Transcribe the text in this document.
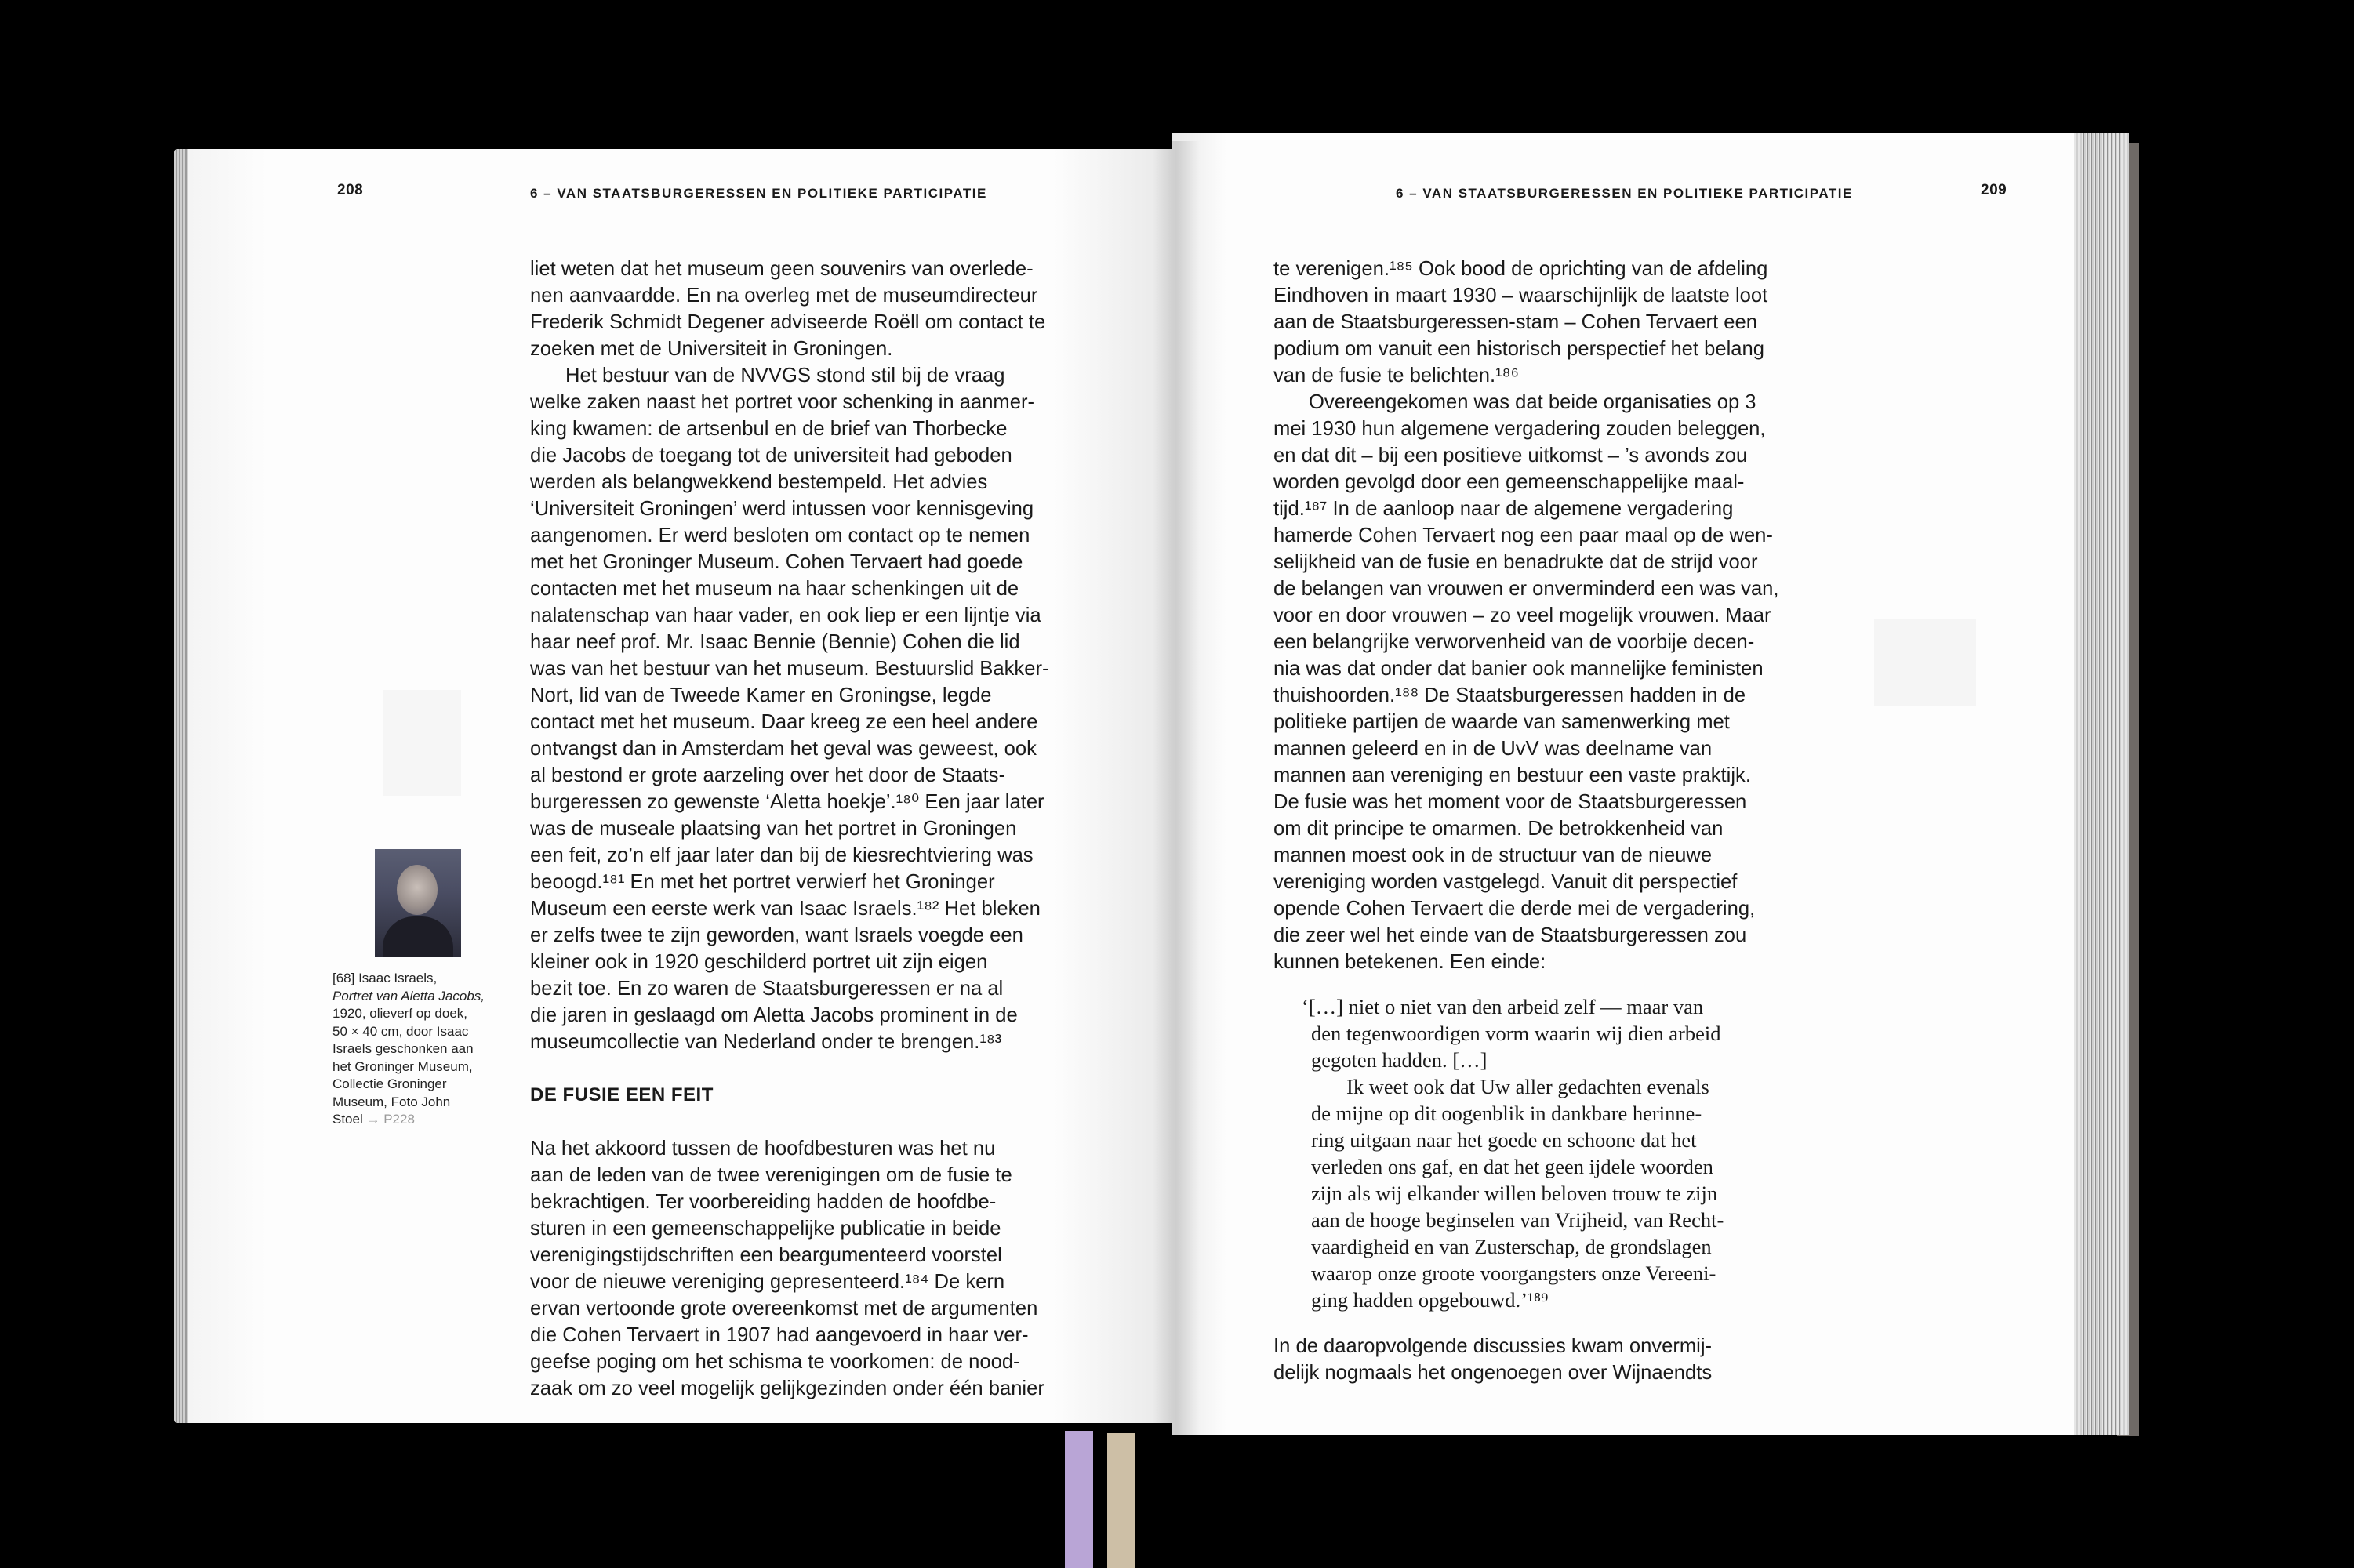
208	6 – VAN STAATSBURGERESSEN EN POLITIEKE PARTICIPATIE
[68] Isaac Israels,
Portret van Aletta Jacobs,
1920, olieverf op doek,
50 × 40 cm, door Isaac
Israels geschonken aan
het Groninger Museum,
Collectie Groninger
Museum, Foto John
Stoel → P228

liet weten dat het museum geen souvenirs van overlede-

nen aanvaardde. En na overleg met de museumdirecteur

Frederik Schmidt Degener adviseerde Roëll om contact te

zoeken met de Universiteit in Groningen.

Het bestuur van de NVVGS stond stil bij de vraag

welke zaken naast het portret voor schenking in aanmer-

king kwamen: de artsenbul en de brief van Thorbecke

die Jacobs de toegang tot de universiteit had geboden

werden als belangwekkend bestempeld. Het advies

‘Universiteit Groningen’ werd intussen voor kennisgeving

aangenomen. Er werd besloten om contact op te nemen

met het Groninger Museum. Cohen Tervaert had goede

contacten met het museum na haar schenkingen uit de

nalatenschap van haar vader, en ook liep er een lijntje via

haar neef prof. Mr. Isaac Bennie (Bennie) Cohen die lid

was van het bestuur van het museum. Bestuurslid Bakker-

Nort, lid van de Tweede Kamer en Groningse, legde

contact met het museum. Daar kreeg ze een heel andere

ontvangst dan in Amsterdam het geval was geweest, ook

al bestond er grote aarzeling over het door de Staats-

burgeressen zo gewenste ‘Aletta hoekje’.¹⁸⁰ Een jaar later

was de museale plaatsing van het portret in Groningen

een feit, zo’n elf jaar later dan bij de kiesrechtviering was

beoogd.¹⁸¹ En met het portret verwierf het Groninger

Museum een eerste werk van Isaac Israels.¹⁸² Het bleken

er zelfs twee te zijn geworden, want Israels voegde een

kleiner ook in 1920 geschilderd portret uit zijn eigen

bezit toe. En zo waren de Staatsburgeressen er na al

die jaren in geslaagd om Aletta Jacobs prominent in de

museumcollectie van Nederland onder te brengen.¹⁸³

DE FUSIE EEN FEIT

Na het akkoord tussen de hoofdbesturen was het nu

aan de leden van de twee verenigingen om de fusie te

bekrachtigen. Ter voorbereiding hadden de hoofdbe-

sturen in een gemeenschappelijke publicatie in beide

verenigingstijdschriften een beargumenteerd voorstel

voor de nieuwe vereniging gepresenteerd.¹⁸⁴ De kern

ervan vertoonde grote overeenkomst met de argumenten

die Cohen Tervaert in 1907 had aangevoerd in haar ver-

geefse poging om het schisma te voorkomen: de nood-

zaak om zo veel mogelijk gelijkgezinden onder één banier

6 – VAN STAATSBURGERESSEN EN POLITIEKE PARTICIPATIE	209

te verenigen.¹⁸⁵ Ook bood de oprichting van de afdeling

Eindhoven in maart 1930 – waarschijnlijk de laatste loot

aan de Staatsburgeressen-stam – Cohen Tervaert een

podium om vanuit een historisch perspectief het belang

van de fusie te belichten.¹⁸⁶

Overeengekomen was dat beide organisaties op 3

mei 1930 hun algemene vergadering zouden beleggen,

en dat dit – bij een positieve uitkomst – ’s avonds zou

worden gevolgd door een gemeenschappelijke maal-

tijd.¹⁸⁷ In de aanloop naar de algemene vergadering

hamerde Cohen Tervaert nog een paar maal op de wen-

selijkheid van de fusie en benadrukte dat de strijd voor

de belangen van vrouwen er onverminderd een was van,

voor en door vrouwen – zo veel mogelijk vrouwen. Maar

een belangrijke verworvenheid van de voorbije decen-

nia was dat onder dat banier ook mannelijke feministen

thuishoorden.¹⁸⁸ De Staatsburgeressen hadden in de

politieke partijen de waarde van samenwerking met

mannen geleerd en in de UvV was deelname van

mannen aan vereniging en bestuur een vaste praktijk.

De fusie was het moment voor de Staatsburgeressen

om dit principe te omarmen. De betrokkenheid van

mannen moest ook in de structuur van de nieuwe

vereniging worden vastgelegd. Vanuit dit perspectief

opende Cohen Tervaert die derde mei de vergadering,

die zeer wel het einde van de Staatsburgeressen zou

kunnen betekenen. Een einde:

‘[…] niet o niet van den arbeid zelf — maar van

den tegenwoordigen vorm waarin wij dien arbeid

gegoten hadden. […]

Ik weet ook dat Uw aller gedachten evenals

de mijne op dit oogenblik in dankbare herinne-

ring uitgaan naar het goede en schoone dat het

verleden ons gaf, en dat het geen ijdele woorden

zijn als wij elkander willen beloven trouw te zijn

aan de hooge beginselen van Vrijheid, van Recht-

vaardigheid en van Zusterschap, de grondslagen

waarop onze groote voorgangsters onze Vereeni-

ging hadden opgebouwd.’¹⁸⁹

In de daaropvolgende discussies kwam onvermij-

delijk nogmaals het ongenoegen over Wijnaendts
